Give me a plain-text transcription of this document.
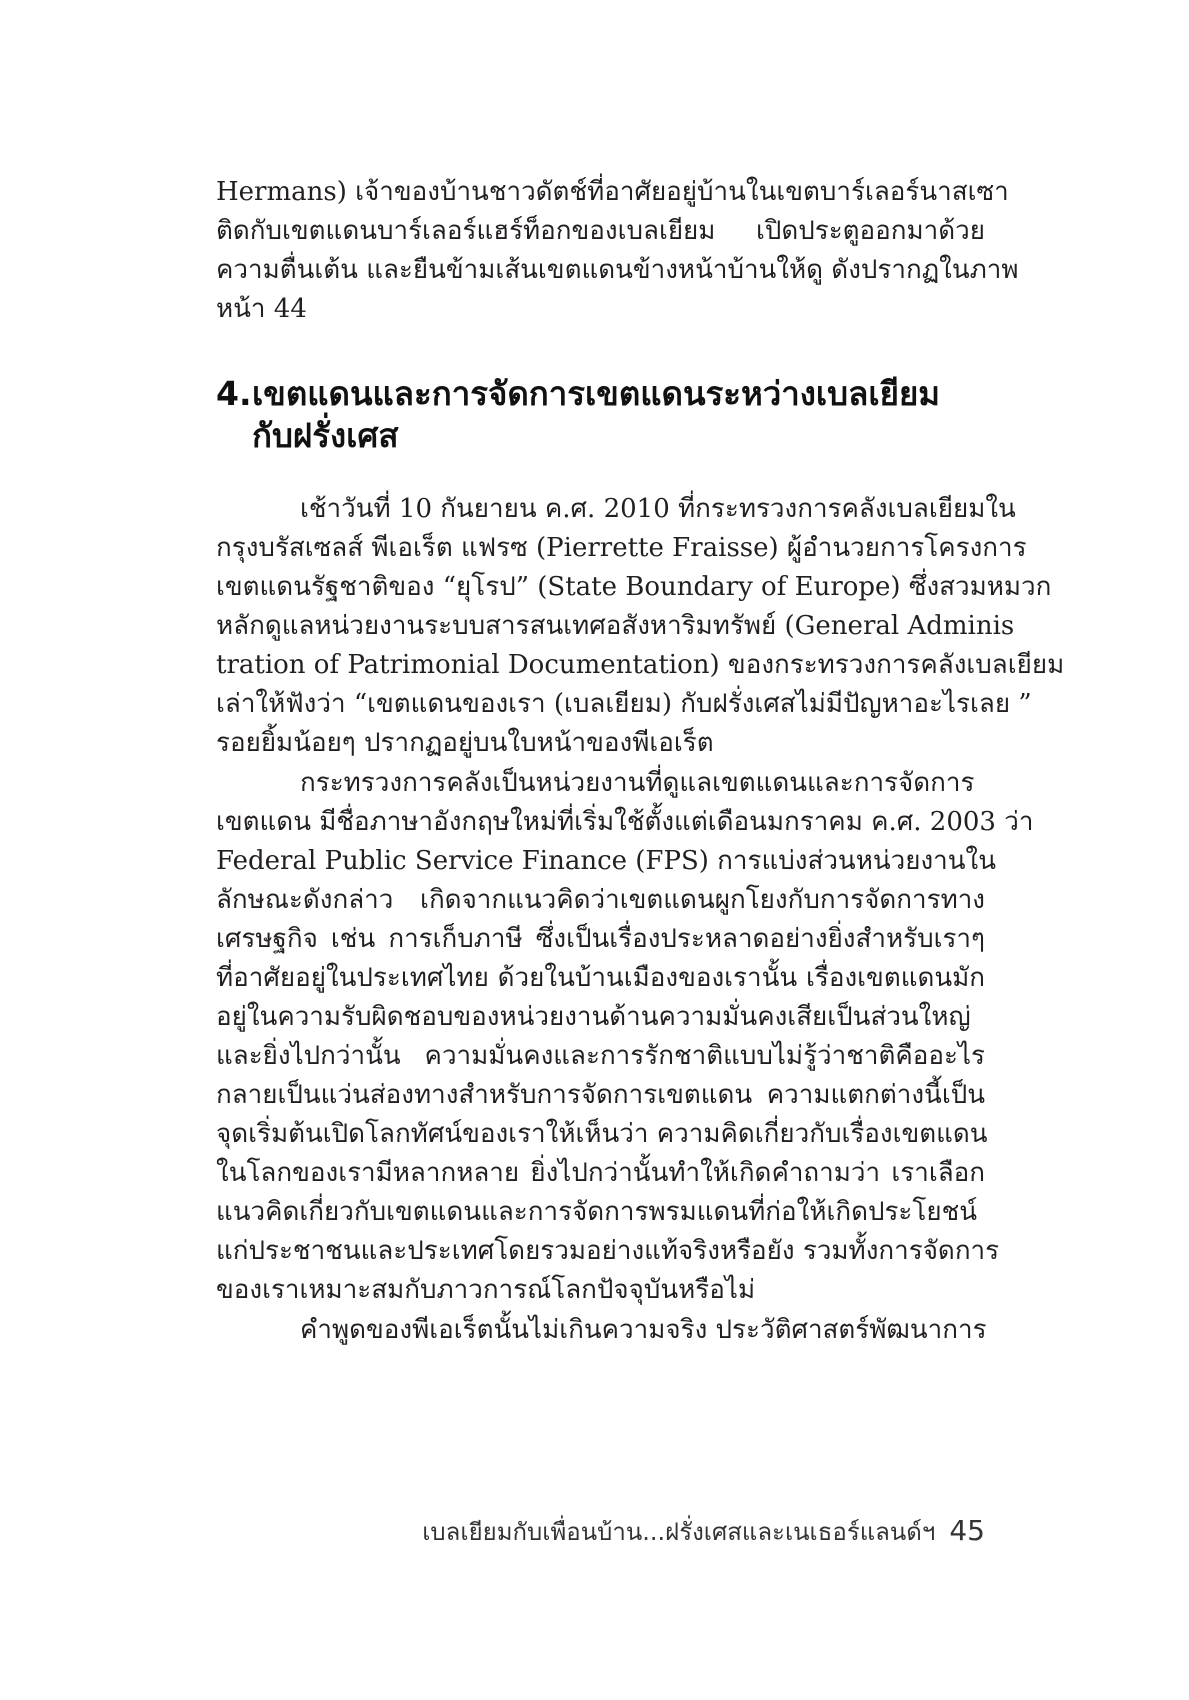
Hermans) เจ้าของบ้านชาวดัตช์ที่อาศัยอยู่บ้านในเขตบาร์เลอร์นาสเซา
ติดกับเขตแดนบาร์เลอร์แฮร์ท็อกของเบลเยียม เปิดประตูออกมาด้วย
ความตื่นเต้น และยืนข้ามเส้นเขตแดนข้างหน้าบ้านให้ดู ดังปรากฏในภาพ
หน้า 44
4.เขตแดนและการจัดการเขตแดนระหว่างเบลเยียม
กับฝรั่งเศส
เช้าวันที่ 10 กันยายน ค.ศ. 2010 ที่กระทรวงการคลังเบลเยียมใน
กรุงบรัสเซลส์ พีเอเร็ต แฟรซ (Pierrette Fraisse) ผู้อำนวยการโครงการ
เขตแดนรัฐชาติของ “ยุโรป” (State Boundary of Europe) ซึ่งสวมหมวก
หลักดูแลหน่วยงานระบบสารสนเทศอสังหาริมทรัพย์ (General Adminis
tration of Patrimonial Documentation) ของกระทรวงการคลังเบลเยียม
เล่าให้ฟังว่า “เขตแดนของเรา (เบลเยียม) กับฝรั่งเศสไม่มีปัญหาอะไรเลย ”
รอยยิ้มน้อยๆ ปรากฏอยู่บนใบหน้าของพีเอเร็ต
กระทรวงการคลังเป็นหน่วยงานที่ดูแลเขตแดนและการจัดการ
เขตแดน มีชื่อภาษาอังกฤษใหม่ที่เริ่มใช้ตั้งแต่เดือนมกราคม ค.ศ. 2003 ว่า
Federal Public Service Finance (FPS) การแบ่งส่วนหน่วยงานใน
ลักษณะดังกล่าว เกิดจากแนวคิดว่าเขตแดนผูกโยงกับการจัดการทาง
เศรษฐกิจ เช่น การเก็บภาษี ซึ่งเป็นเรื่องประหลาดอย่างยิ่งสำหรับเราๆ
ที่อาศัยอยู่ในประเทศไทย ด้วยในบ้านเมืองของเรานั้น เรื่องเขตแดนมัก
อยู่ในความรับผิดชอบของหน่วยงานด้านความมั่นคงเสียเป็นส่วนใหญ่
และยิ่งไปกว่านั้น ความมั่นคงและการรักชาติแบบไม่รู้ว่าชาติคืออะไร
กลายเป็นแว่นส่องทางสำหรับการจัดการเขตแดน ความแตกต่างนี้เป็น
จุดเริ่มต้นเปิดโลกทัศน์ของเราให้เห็นว่า ความคิดเกี่ยวกับเรื่องเขตแดน
ในโลกของเรามีหลากหลาย ยิ่งไปกว่านั้นทำให้เกิดคำถามว่า เราเลือก
แนวคิดเกี่ยวกับเขตแดนและการจัดการพรมแดนที่ก่อให้เกิดประโยชน์
แก่ประชาชนและประเทศโดยรวมอย่างแท้จริงหรือยัง รวมทั้งการจัดการ
ของเราเหมาะสมกับภาวการณ์โลกปัจจุบันหรือไม่
คำพูดของพีเอเร็ตนั้นไม่เกินความจริง ประวัติศาสตร์พัฒนาการ
เบลเยียมกับเพื่อนบ้าน...ฝรั่งเศสและเนเธอร์แลนด์ฯ 45
